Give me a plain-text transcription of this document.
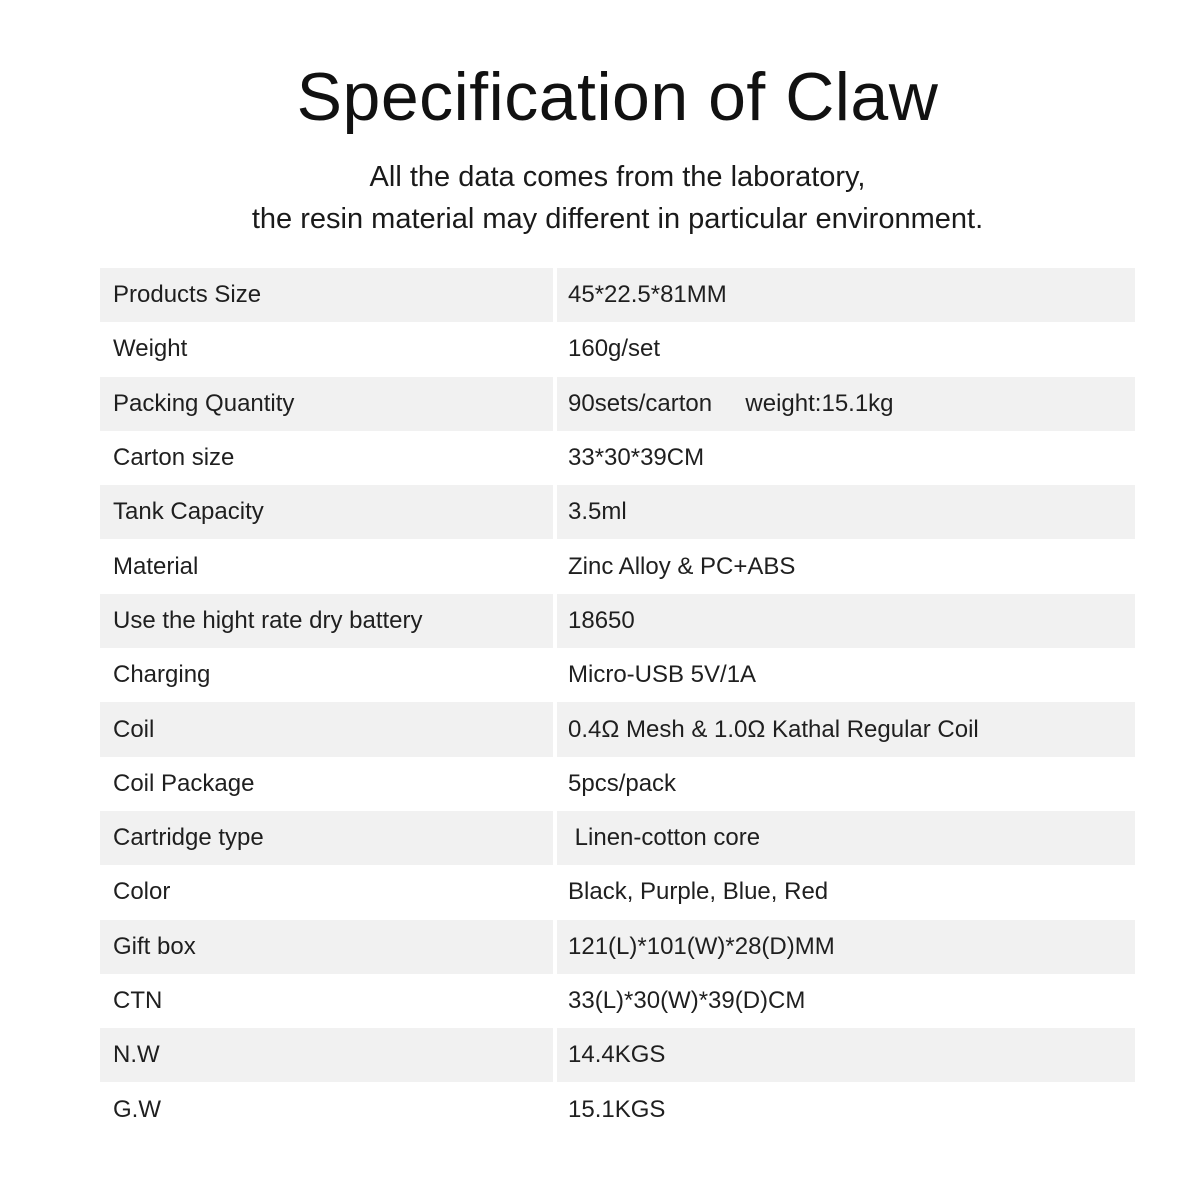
Specification of Claw

All the data comes from the laboratory,

the resin material may different in particular environment.

Products Size	45*22.5*81MM
Weight	160g/set
Packing Quantity	90sets/carton     weight:15.1kg
Carton size	33*30*39CM
Tank Capacity	3.5ml
Material	Zinc Alloy & PC+ABS
Use the hight rate dry battery	18650
Charging	Micro-USB 5V/1A
Coil	0.4Ω Mesh & 1.0Ω Kathal Regular Coil
Coil Package	5pcs/pack
Cartridge type	Linen-cotton core
Color	Black, Purple, Blue, Red
Gift box	121(L)*101(W)*28(D)MM
CTN	33(L)*30(W)*39(D)CM
N.W	14.4KGS
G.W	15.1KGS
